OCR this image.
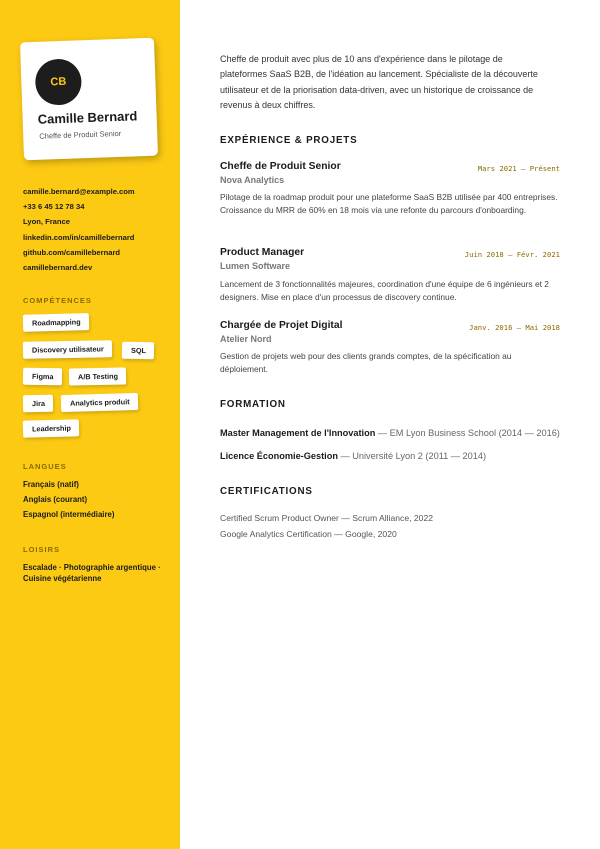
CB
Camille Bernard
Cheffe de Produit Senior
camille.bernard@example.com
+33 6 45 12 78 34
Lyon, France
linkedin.com/in/camillebernard
github.com/camillebernard
camillebernard.dev
COMPÉTENCES
Roadmapping
Discovery utilisateur	SQL
Figma	A/B Testing
Jira	Analytics produit
Leadership
LANGUES
Français (natif)
Anglais (courant)
Espagnol (intermédiaire)
LOISIRS
Escalade · Photographie argentique · Cuisine végétarienne
Cheffe de produit avec plus de 10 ans d'expérience dans le pilotage de plateformes SaaS B2B, de l'idéation au lancement. Spécialiste de la découverte utilisateur et de la priorisation data-driven, avec un historique de croissance de revenus à deux chiffres.
EXPÉRIENCE & PROJETS
Cheffe de Produit Senior	Mars 2021 — Présent
Nova Analytics
Pilotage de la roadmap produit pour une plateforme SaaS B2B utilisée par 400 entreprises. Croissance du MRR de 60% en 18 mois via une refonte du parcours d'onboarding.
Product Manager	Juin 2018 — Févr. 2021
Lumen Software
Lancement de 3 fonctionnalités majeures, coordination d'une équipe de 6 ingénieurs et 2 designers. Mise en place d'un processus de discovery continue.
Chargée de Projet Digital	Janv. 2016 — Mai 2018
Atelier Nord
Gestion de projets web pour des clients grands comptes, de la spécification au déploiement.
FORMATION
Master Management de l'Innovation — EM Lyon Business School (2014 — 2016)
Licence Économie-Gestion — Université Lyon 2 (2011 — 2014)
CERTIFICATIONS
Certified Scrum Product Owner — Scrum Alliance, 2022
Google Analytics Certification — Google, 2020
